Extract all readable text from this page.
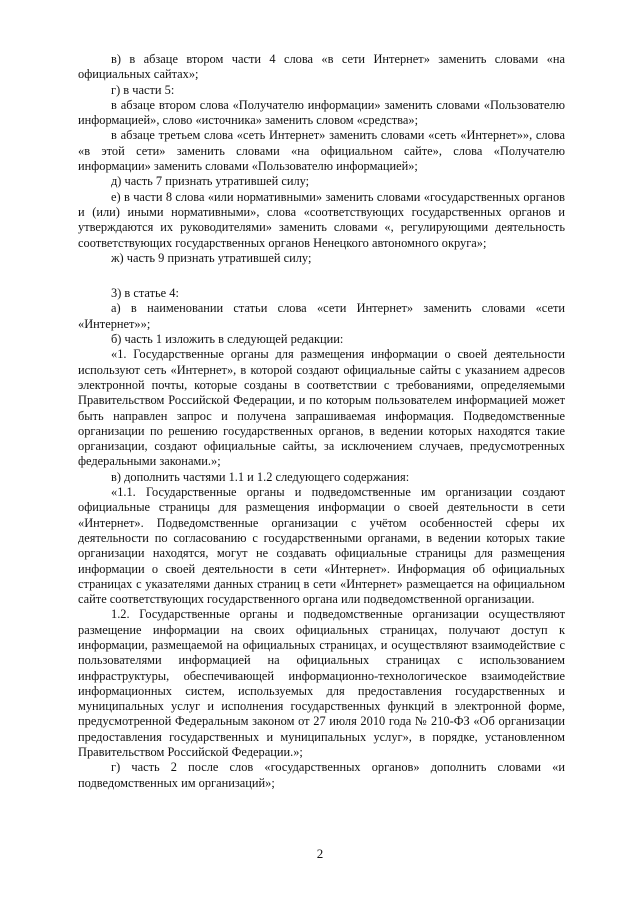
в) в абзаце втором части 4 слова «в сети Интернет» заменить словами «на официальных сайтах»;

г) в части 5:

в абзаце втором слова «Получателю информации» заменить словами «Пользователю информацией», слово «источника» заменить словом «средства»;

в абзаце третьем слова «сеть Интернет» заменить словами «сеть «Интернет»», слова «в этой сети» заменить словами «на официальном сайте», слова «Получателю информации» заменить словами «Пользователю информацией»;

д) часть 7 признать утратившей силу;

е) в части 8 слова «или нормативными» заменить словами «государственных органов и (или) иными нормативными», слова «соответствующих государственных органов и утверждаются их руководителями» заменить словами «, регулирующими деятельность соответствующих государственных органов Ненецкого автономного округа»;

ж) часть 9 признать утратившей силу;

3) в статье 4:

а) в наименовании статьи слова «сети Интернет» заменить словами «сети «Интернет»»;

б) часть 1 изложить в следующей редакции:

«1. Государственные органы для размещения информации о своей деятельности используют сеть «Интернет», в которой создают официальные сайты с указанием адресов электронной почты, которые созданы в соответствии с требованиями, определяемыми Правительством Российской Федерации, и по которым пользователем информацией может быть направлен запрос и получена запрашиваемая информация. Подведомственные организации по решению государственных органов, в ведении которых находятся такие организации, создают официальные сайты, за исключением случаев, предусмотренных федеральными законами.»;

в) дополнить частями 1.1 и 1.2 следующего содержания:

«1.1. Государственные органы и подведомственные им организации создают официальные страницы для размещения информации о своей деятельности в сети «Интернет». Подведомственные организации с учётом особенностей сферы их деятельности по согласованию с государственными органами, в ведении которых такие организации находятся, могут не создавать официальные страницы для размещения информации о своей деятельности в сети «Интернет». Информация об официальных страницах с указателями данных страниц в сети «Интернет» размещается на официальном сайте соответствующих государственного органа или подведомственной организации.

1.2. Государственные органы и подведомственные организации осуществляют размещение информации на своих официальных страницах, получают доступ к информации, размещаемой на официальных страницах, и осуществляют взаимодействие с пользователями информацией на официальных страницах с использованием инфраструктуры, обеспечивающей информационно-технологическое взаимодействие информационных систем, используемых для предоставления государственных и муниципальных услуг и исполнения государственных функций в электронной форме, предусмотренной Федеральным законом от 27 июля 2010 года № 210-ФЗ «Об организации предоставления государственных и муниципальных услуг», в порядке, установленном Правительством Российской Федерации.»;

г) часть 2 после слов «государственных органов» дополнить словами «и подведомственных им организаций»;

2
